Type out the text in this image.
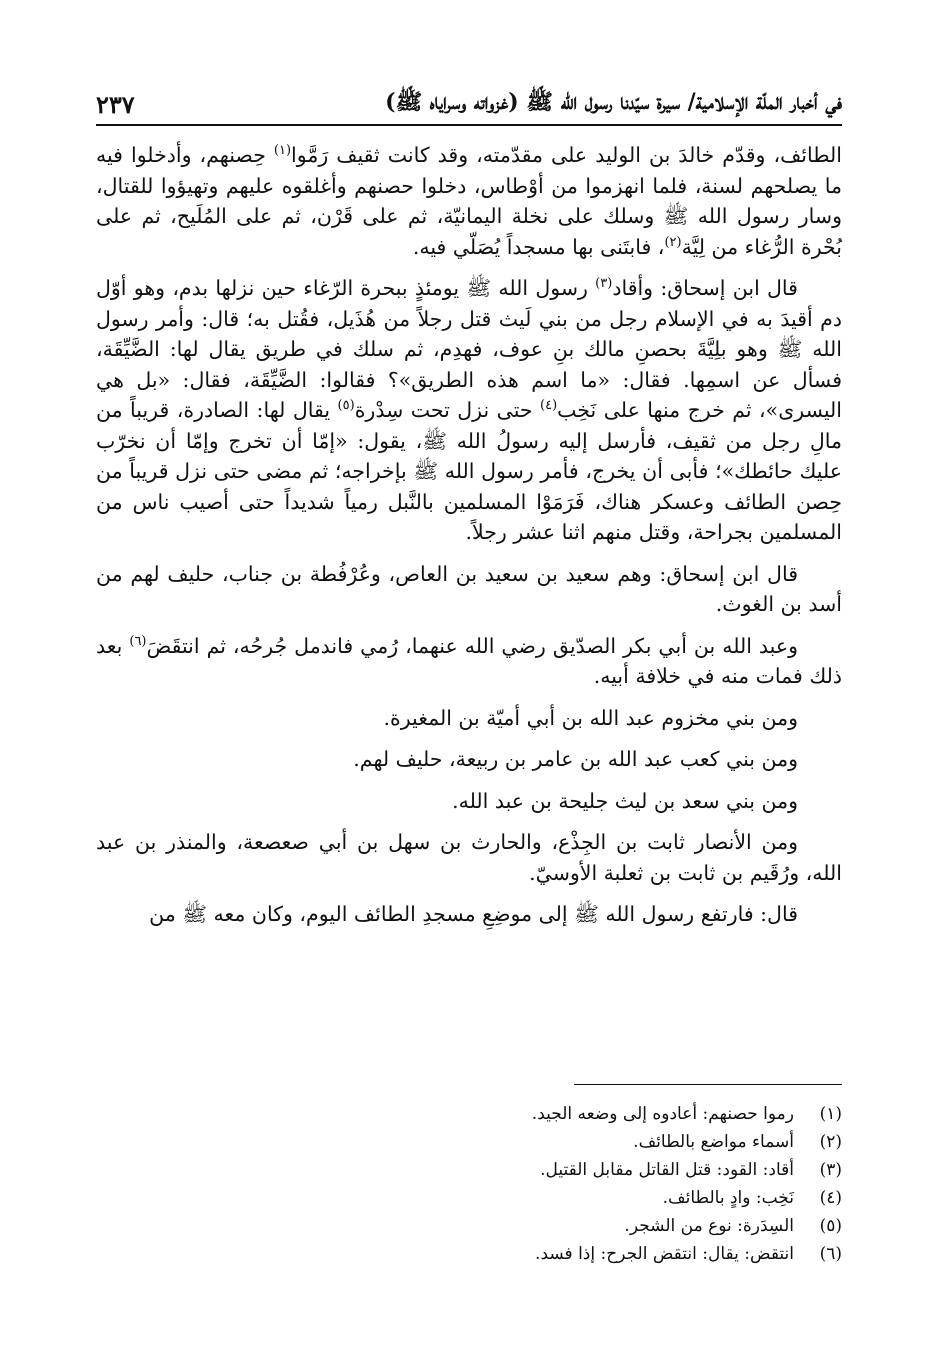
في أخبار الملّة الإسلامية/ سيرة سيّدنا رسول الله ﷺ (غزواته وسراياه ﷺ)
٢٣٧

الطائف، وقدّم خالدَ بن الوليد على مقدّمته، وقد كانت ثقيف رَمَّوا$^{(١)}$ حِصنهم، وأدخلوا فيه ما يصلحهم لسنة، فلما انهزموا من أوْطاس، دخلوا حصنهم وأغلقوه عليهم وتهيؤوا للقتال، وسار رسول الله ﷺ وسلك على نخلة اليمانيّة، ثم على قَرْن، ثم على المُلَيح، ثم على بُحْرة الرُّغاء من لِيَّة$^{(٢)}$، فابتَنى بها مسجداً يُصَلّي فيه.

قال ابن إسحاق: وأقاد$^{(٣)}$ رسول الله ﷺ يومئذٍ ببحرة الرّغاء حين نزلها بدم، وهو أوّل دم أقيدَ به في الإسلام رجل من بني لَيث قتل رجلاً من هُذَيل، فقُتل به؛ قال: وأمر رسول الله ﷺ وهو بلِيَّةَ بحصنِ مالك بنِ عوف، فهدِم، ثم سلك في طريق يقال لها: الضَّيِّقَة، فسأل عن اسمِها. فقال: «ما اسم هذه الطريق»؟ فقالوا: الضَّيِّقَة، فقال: «بل هي اليسرى»، ثم خرج منها على نَخِب$^{(٤)}$ حتى نزل تحت سِدْرة$^{(٥)}$ يقال لها: الصادرة، قريباً من مالِ رجل من ثقيف، فأرسل إليه رسولُ الله ﷺ، يقول: «إمّا أن تخرج وإمّا أن نخرّب عليك حائطك»؛ فأبى أن يخرج، فأمر رسول الله ﷺ بإخراجه؛ ثم مضى حتى نزل قريباً من حِصن الطائف وعسكر هناك، فَرَمَوْا المسلمين بالنَّبل رمياً شديداً حتى أصيب ناس من المسلمين بجراحة، وقتل منهم اثنا عشر رجلاً.

قال ابن إسحاق: وهم سعيد بن سعيد بن العاص، وعُرْفُطة بن جناب، حليف لهم من أسد بن الغوث.

وعبد الله بن أبي بكر الصدّيق رضي الله عنهما، رُمي فاندمل جُرحُه، ثم انتقَضَ$^{(٦)}$ بعد ذلك فمات منه في خلافة أبيه.

ومن بني مخزوم عبد الله بن أبي أميّة بن المغيرة.

ومن بني كعب عبد الله بن عامر بن ربيعة، حليف لهم.

ومن بني سعد بن ليث جليحة بن عبد الله.

ومن الأنصار ثابت بن الجِذْع، والحارث بن سهل بن أبي صعصعة، والمنذر بن عبد الله، ورُقَيم بن ثابت بن ثعلبة الأوسيّ.

قال: فارتفع رسول الله ﷺ إلى موضِعِ مسجدِ الطائف اليوم، وكان معه ﷺ من

(١)
رموا حصنهم: أعادوه إلى وضعه الجيد.
(٢)
أسماء مواضع بالطائف.
(٣)
أقاد: القود: قتل القاتل مقابل القتيل.
(٤)
نَخِب: وادٍ بالطائف.
(٥)
السِدَرة: نوع من الشجر.
(٦)
انتقض: يقال: انتقض الجرح: إذا فسد.
